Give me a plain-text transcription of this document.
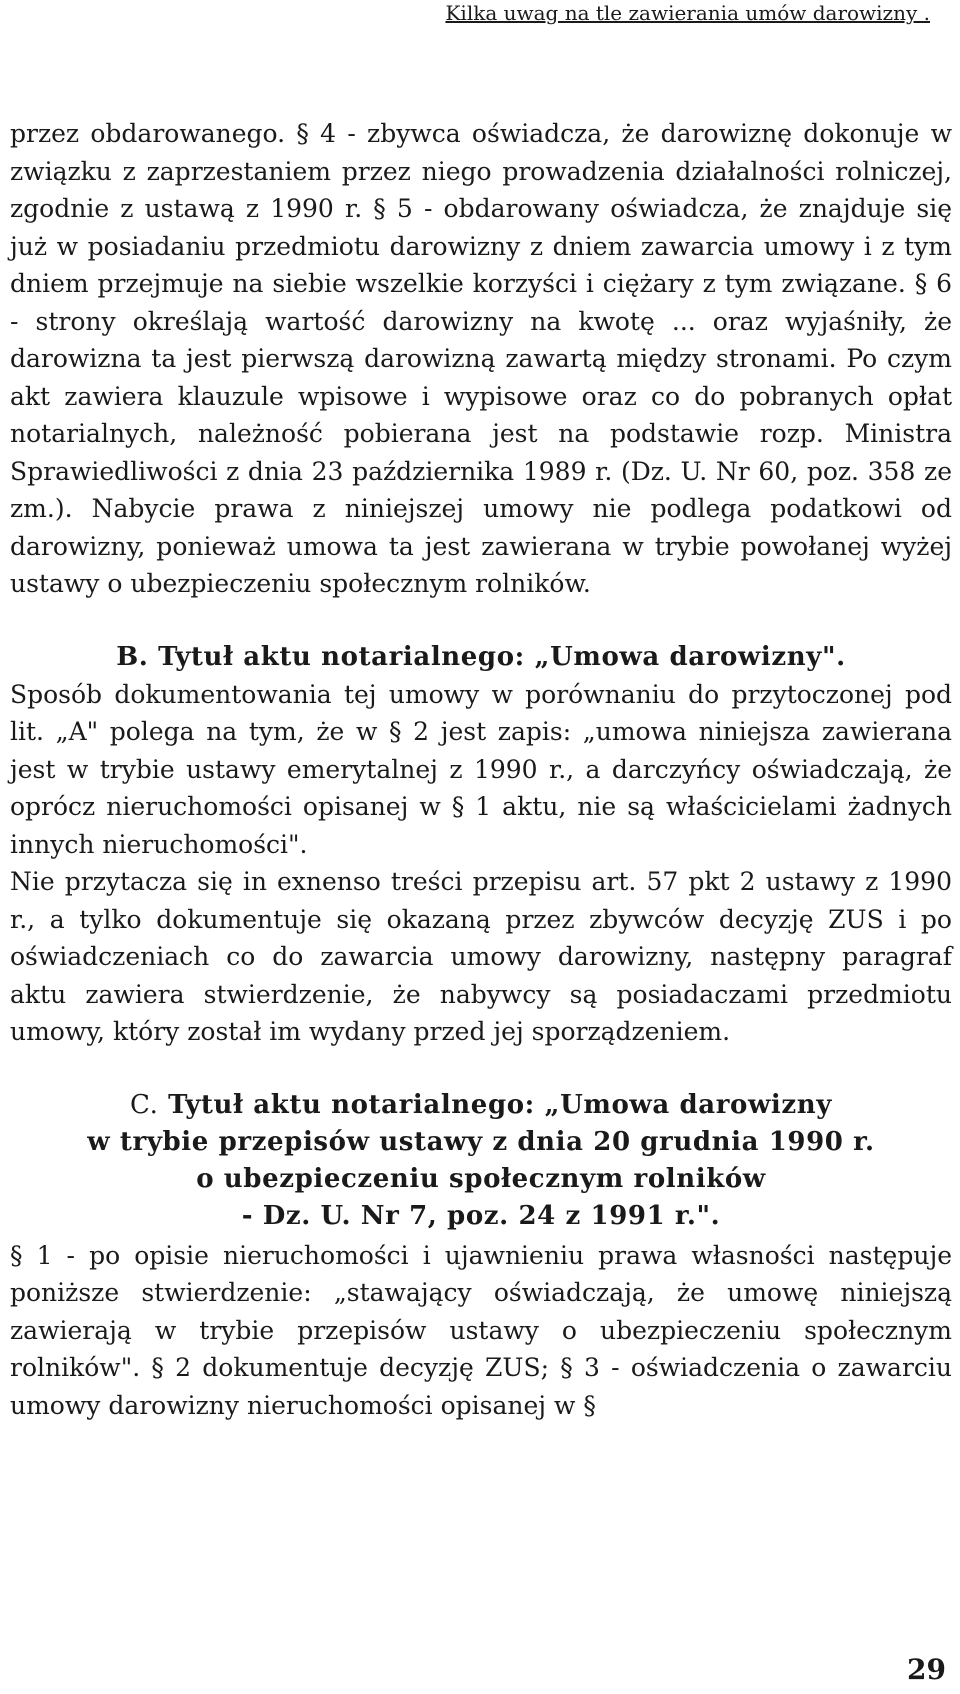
Kilka uwag na tle zawierania umów darowizny .

przez obdarowanego. § 4 - zbywca oświadcza, że darowiznę dokonuje w związku z zaprzestaniem przez niego prowadzenia działalności rolniczej, zgodnie z ustawą z 1990 r. § 5 - obdarowany oświadcza, że znajduje się już w posiadaniu przedmiotu darowizny z dniem zawarcia umowy i z tym dniem przejmuje na siebie wszelkie korzyści i ciężary z tym związane. § 6 - strony określają wartość darowizny na kwotę ... oraz wyjaśniły, że darowizna ta jest pierwszą darowizną zawartą między stronami. Po czym akt zawiera klauzule wpisowe i wypisowe oraz co do pobranych opłat notarialnych, należność pobierana jest na podstawie rozp. Ministra Sprawiedliwości z dnia 23 października 1989 r. (Dz. U. Nr 60, poz. 358 ze zm.). Nabycie prawa z niniejszej umowy nie podlega podatkowi od darowizny, ponieważ umowa ta jest zawierana w trybie powołanej wyżej ustawy o ubezpieczeniu społecznym rolników.

B. Tytuł aktu notarialnego: „Umowa darowizny".

Sposób dokumentowania tej umowy w porównaniu do przytoczonej pod lit. „A" polega na tym, że w § 2 jest zapis: „umowa niniejsza zawierana jest w trybie ustawy emerytalnej z 1990 r., a darczyńcy oświadczają, że oprócz nieruchomości opisanej w § 1 aktu, nie są właścicielami żadnych innych nieruchomości".

Nie przytacza się in exnenso treści przepisu art. 57 pkt 2 ustawy z 1990 r., a tylko dokumentuje się okazaną przez zbywców decyzję ZUS i po oświadczeniach co do zawarcia umowy darowizny, następny paragraf aktu zawiera stwierdzenie, że nabywcy są posiadaczami przedmiotu umowy, który został im wydany przed jej sporządzeniem.

C. Tytuł aktu notarialnego: „Umowa darowizny
w trybie przepisów ustawy z dnia 20 grudnia 1990 r.
o ubezpieczeniu społecznym rolników
- Dz. U. Nr 7, poz. 24 z 1991 r.".

§ 1 - po opisie nieruchomości i ujawnieniu prawa własności następuje poniższe stwierdzenie: „stawający oświadczają, że umowę niniejszą zawierają w trybie przepisów ustawy o ubezpieczeniu społecznym rolników". § 2 dokumentuje decyzję ZUS; § 3 - oświadczenia o zawarciu umowy darowizny nieruchomości opisanej w §

29
